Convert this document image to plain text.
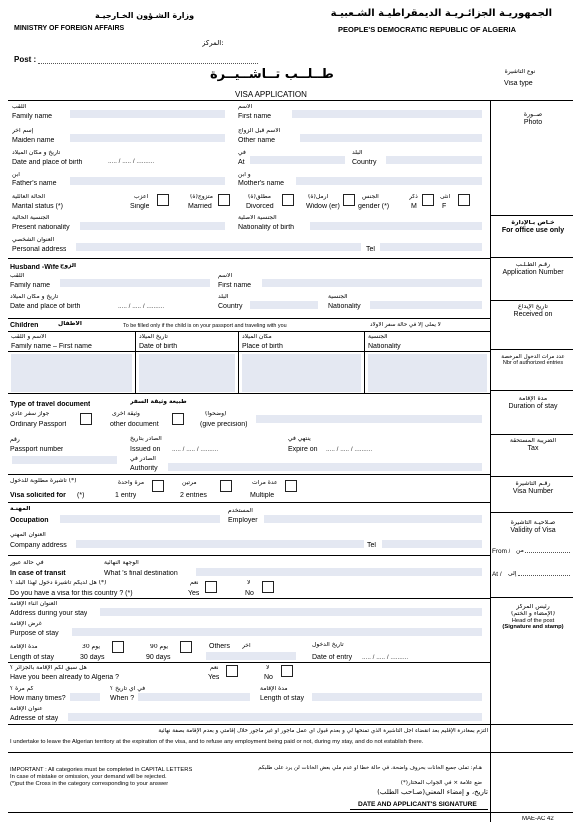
وزارة الشـؤون الخـارجيـة
MINISTRY OF FOREIGN AFFAIRS
الجمهوريـة الجزائـريـة الديمقراطيـة الشـعبيـة
PEOPLE'S DEMOCRATIC REPUBLIC OF ALGERIA
المركز:
Post :
طــلــب تــأشــيــرة
VISA APPLICATION
نوع التأشيرة
Visa type
صــورة
Photo
خـاص بـالإدارة
For office use only
رقـم الطـلـب
Application Number
تاريخ الإيداع
Received on
عدد مرات الدخول المرخصة
Nbr of authorized entries
مدة الإقامة
Duration of stay
الضريبة المستحقة
Tax
رقـم التأشيرة
Visa Number
صـلاحيـة التأشيرة
Validity of Visa
From / من
At / إلى
رئيس المركز
(الإمضاء و الختم)
Head of the post
(Signature and stamp)
اللقب
Family name
الاسم
First name
إسم آخر
Maiden name
الاسم قبل الزواج
Other name
تاريخ و مكان الميلاد
Date and place of birth	..... / ..... / ..........
في
At
البلد
Country
ابن
Father's name
و ابن
Mother's name
الحالة العائلية
Marital status (*)
أعزب
Single
متزوج(ة)
Married
مطلق(ة)
Divorced
أرمل(ة)
Widow (er)
الجنس
gender (*)
ذكر
M
أنثى
F
الجنسية الحالية
Present nationality
الجنسية الأصلية
Nationality of birth
العنوان الشخصي
Personal address	Tel
Husband -Wife الزوج
اللقب
Family name
الاسم
First name
تاريخ و مكان الميلاد
Date and place of birth	..... / ..... / ..........
البلد
Country
الجنسية
Nationality
Children	الأطفال	To be filled only if the child is on your passport and traveling with you	لا يملى إلا في حالة سفر الأولاد
الاسم و اللقب	تاريخ الميلاد	مكان الميلاد	الجنسية
Family name – First name	Date of birth	Place of birth	Nationality
Type of travel document	طبيعة وثيقة السفر
جواز سفر عادي
Ordinary Passport
وثيقة أخرى
other document
(وضحوا)
(give precision)
رقم
Passport number
الصادر بتاريخ
Issued on ..... / ..... / ..........
ينتهي في
Expire on ..... / ..... / ..........
الصادر في
Authority
تأشيرة مطلوبة للدخول (*)
Visa solicited for (*)
مرة واحدة
1 entry
مرتين
2 entries
عدة مرات
Multiple
المهنـة
Occupation
المستخدم
Employer
العنوان المهني
Company address	Tel
في حالة عبور
In case of transit
الوجهة النهائية
What 's final destination
هل لديكم تأشيرة دخول لهذا البلد ؟ (*)
Do you have a visa for this country ? (*)
نعم
Yes
لا
No
العنوان أثناء الإقامة
Address during your stay
غرض الإقامة
Purpose of stay
مدة الإقامة
Length of stay
30 يوم
30 days
90 يوم
90 days
Others أخر	تاريخ الدخول
Date of entry ..... / ..... / ..........
هل سبق لكم الإقامة بالجزائر ؟
Have you been already to Algeria ?
نعم
Yes
لا
No
كم مرة ؟
How many times?
في أي تاريخ ؟
When ?
مدة الإقامة
Length of stay
عنوان الإقامة
Adresse of stay
ألتزم بمغادرة الإقليم بعد انقضاء أجل التأشيرة الذي تمنحها لي و بعدم قبول أي عمل مأجور أو غير مأجور خلال إقامتي و بعدم الإقامة بصفة نهائية
I undertake to leave the Algerian territory at the expiration of the visa, and to refuse any employment being paid or not, during my stay, and do not establish there.
IMPORTANT : All categories must be completed in CAPITAL LETTERS
In case of mistake or omission, your demand will be rejected.
(*)put the Cross in the category corresponding to your answer
هـام: تملى جميع الخانات بحروف واضحة، في حالة خطأ أو عدم ملي بعض الخانات لن يرد على طلبكم
(*)ضع علامة × في الجواب المختار
تاريخ، و إمضاء المعني(صـاحب الطلب)
DATE AND APPLICANT'S SIGNATURE
MAE-AC 42
